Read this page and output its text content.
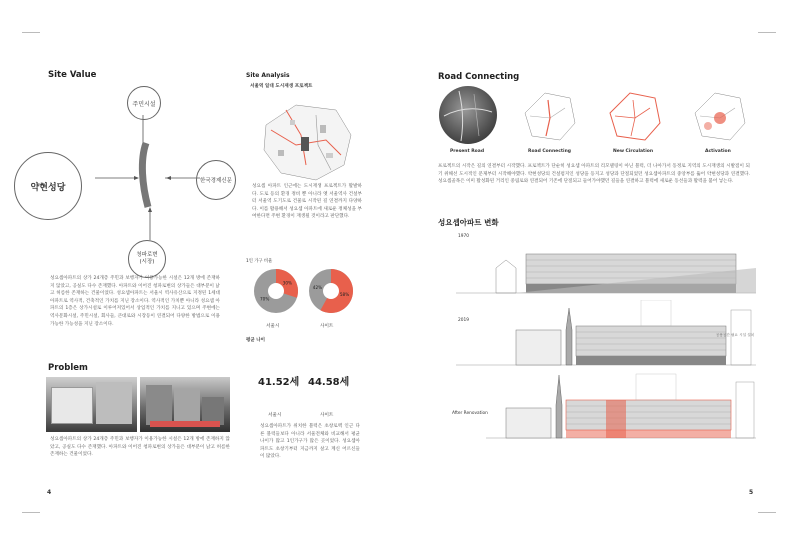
Site Value
약현성당
주민시설
한국경제신문
청파로변
(시장)
성요셉아파트의 상가 24개층 주민과 보행자가 이용가능한 시설은 12개 방에 존재하지 않았고, 공실도 다수 존재했다. 아파트와 이어진 청파로변의 상가들은 대부분이 낡고 허름한 존재하는 건물이었다. 성요셉아파트는 서울시 역사유산으로 지정된 1세대 아파트로 역사적, 건축적인 가치를 지닌 장소이다. 역사적인 가치뿐 아니라 성요셉 아파트의 1층은 상가시설로 이루어져있어서 상업적인 가치를 지니고 있으며 주변에는 역사문화시설, 주민시설, 회사들, 큰대로와 시장등이 연결되어 다양한 방법으로 이용가능한 가능성을 지닌 장소이다.
Site Analysis
서울역 일대 도시재생 프로젝트
성요셉 아파트 인근에는 도시재생 프로젝트가 활발하다. 도로 등의 환경 정비 뿐 아니라 옛 서울역사 건설부터 서울역 도기도로 건물로 시작된 길 연결까지 다양하다. 이를 활용해서 성요셉 아파트에 새로운 정체성을 부여한다면 주변 환경이 재생될 것이라고 판단했다.
1인 가구 비율
30%
70%
58%
42%
서울시	사이트
평균 나이
41.52세 44.58세
서울시	사이트
성요셉아파트가 위치한 블럭은 초창로맥 인근 다른 블럭들보다 아니라 서울전체와 비교해서 평균 나이가 많고 1인가구가 많은 곳이었다. 성요셉아파트도 초창기부터 지금까지 살고 계신 어르신들이 많았다.
Problem
성요셉아파트의 상가 24개층 주민과 보행자가 이용가능한 시설은 12개 방에 존재하지 않았고, 공실도 다수 존재했다. 아파트와 이어진 청파로변의 상가들은 대부분이 낡고 허름한 존재하는 건물이었다.
4
Road Connecting
Present Road	Road Connecting	New Circulation	Activation
프로젝트의 시작은 길의 연결부터 시작했다. 프로젝트가 단순히 성요셉 아파트의 리모델링이 아닌 블럭, 더 나아가서 동정로 지역의 도시재생의 시발점이 되기 위해선 도시적인 문제부터 시작해야했다. 약현성당의 건설펌지인 성당을 등지고 성당과 단절되었던 성요셉아파트의 중앙부를 뚫어 약현성당과 연결했다. 성요셉골목은 이미 활성화된 거리인 중림로와 연결되어 기존에 단절되고 들어가야했던 길들을 연결하고 블럭에 새로운 동선들과 활력을 불어 넣는다.
성요셉아파트 변화
1970
2019
공용공간 필요 시설 설치
After Renovation
5
